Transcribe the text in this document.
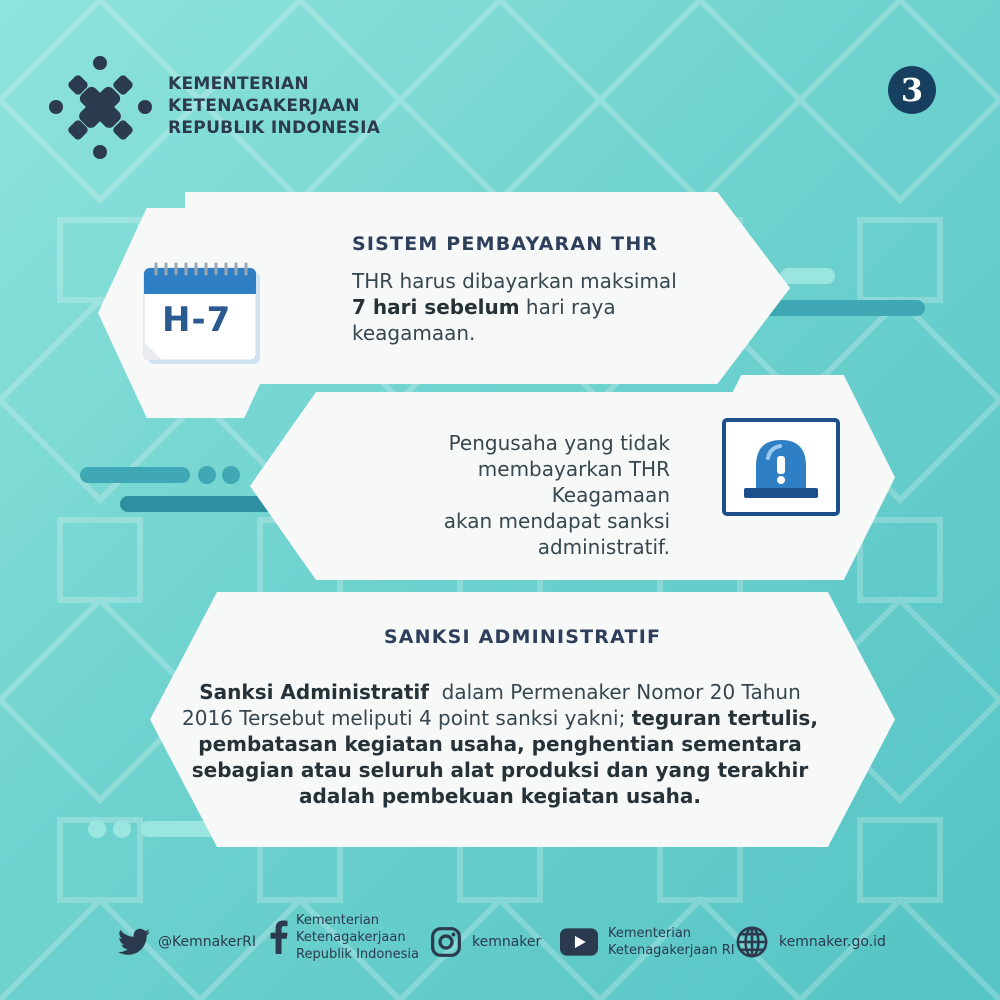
KEMENTERIAN
KETENAGAKERJAAN
REPUBLIK INDONESIA
3
H-7
SISTEM PEMBAYARAN THR
THR harus dibayarkan maksimal 7 hari sebelum hari raya keagamaan.
Pengusaha yang tidak
membayarkan THR Keagamaan
akan mendapat sanksi
administratif.
SANKSI ADMINISTRATIF
Sanksi Administratif  dalam Permenaker Nomor 20 Tahun 2016 Tersebut meliputi 4 point sanksi yakni; teguran tertulis, pembatasan kegiatan usaha, penghentian sementara sebagian atau seluruh alat produksi dan yang terakhir adalah pembekuan kegiatan usaha.
@KemnakerRI
Kementerian
Ketenagakerjaan
Republik Indonesia
kemnaker
Kementerian
Ketenagakerjaan RI
kemnaker.go.id
